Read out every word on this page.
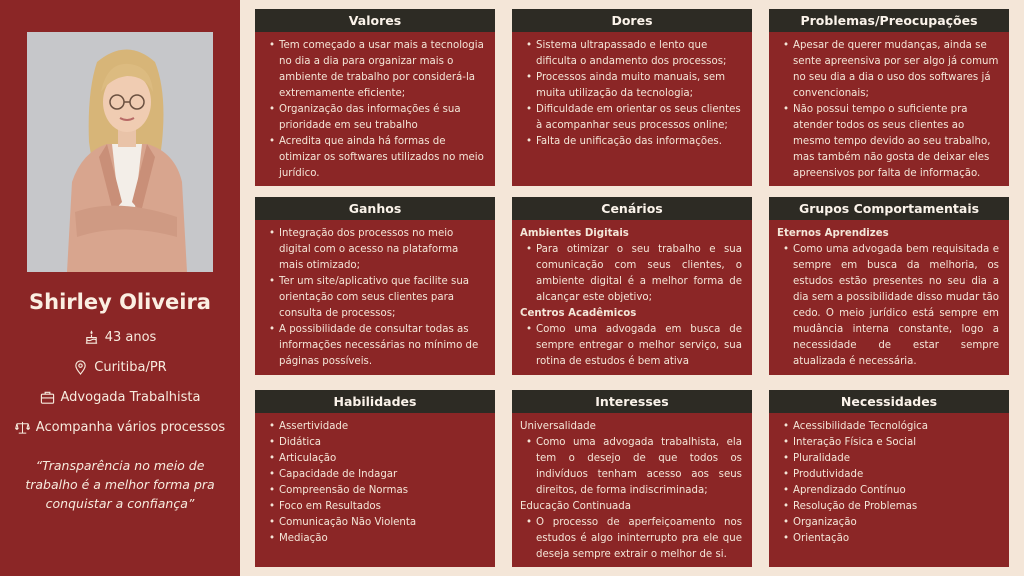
Shirley Oliveira
43 anos
Curitiba/PR
Advogada Trabalhista
Acompanha vários processos
“Transparência no meio de trabalho é a melhor forma pra conquistar a confiança”
Valores
• Tem começado a usar mais a tecnologia no dia a dia para organizar mais o ambiente de trabalho por considerá-la extremamente eficiente;
• Organização das informações é sua prioridade em seu trabalho
• Acredita que ainda há formas de otimizar os softwares utilizados no meio jurídico.
Dores
• Sistema ultrapassado e lento que dificulta o andamento dos processos;
• Processos ainda muito manuais, sem muita utilização da tecnologia;
• Dificuldade em orientar os seus clientes à acompanhar seus processos online;
• Falta de unificação das informações.
Problemas/Preocupações
• Apesar de querer mudanças, ainda se sente apreensiva por ser algo já comum no seu dia a dia o uso dos softwares já convencionais;
• Não possui tempo o suficiente pra atender todos os seus clientes ao mesmo tempo devido ao seu trabalho, mas também não gosta de deixar eles apreensivos por falta de informação.
Ganhos
• Integração dos processos no meio digital com o acesso na plataforma mais otimizado;
• Ter um site/aplicativo que facilite sua orientação com seus clientes para consulta de processos;
• A possibilidade de consultar todas as informações necessárias no mínimo de páginas possíveis.
Cenários
Ambientes Digitais
• Para otimizar o seu trabalho e sua comunicação com seus clientes, o ambiente digital é a melhor forma de alcançar este objetivo;
Centros Acadêmicos
• Como uma advogada em busca de sempre entregar o melhor serviço, sua rotina de estudos é bem ativa
Grupos Comportamentais
Eternos Aprendizes
• Como uma advogada bem requisitada e sempre em busca da melhoria, os estudos estão presentes no seu dia a dia sem a possibilidade disso mudar tão cedo. O meio jurídico está sempre em mudância interna constante, logo a necessidade de estar sempre atualizada é necessária.
Habilidades
• Assertividade
• Didática
• Articulação
• Capacidade de Indagar
• Compreensão de Normas
• Foco em Resultados
• Comunicação Não Violenta
• Mediação
Interesses
Universalidade
• Como uma advogada trabalhista, ela tem o desejo de que todos os indivíduos tenham acesso aos seus direitos, de forma indiscriminada;
Educação Continuada
• O processo de aperfeiçoamento nos estudos é algo ininterrupto pra ele que deseja sempre extrair o melhor de si.
Necessidades
• Acessibilidade Tecnológica
• Interação Física e Social
• Pluralidade
• Produtividade
• Aprendizado Contínuo
• Resolução de Problemas
• Organização
• Orientação
